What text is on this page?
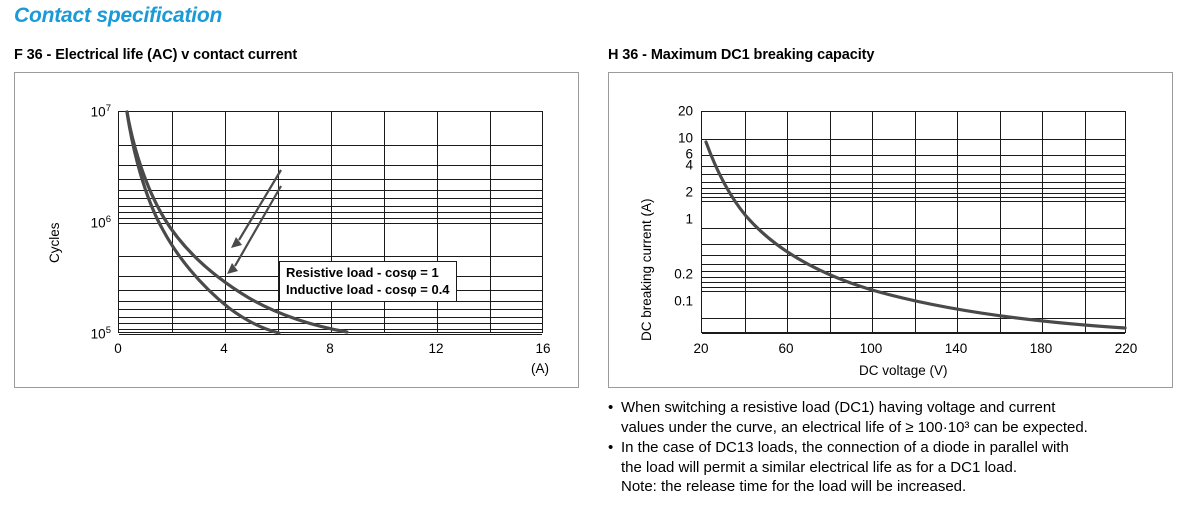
Contact specification
F 36 - Electrical life (AC) v contact current	H 36 - Maximum DC1 breaking capacity
Cycles
$10^7$
$10^6$
$10^5$
0	4	8	12	16
(A)
Resistive load - cosφ = 1
Inductive load - cosφ = 0.4	DC breaking current (A)
20
10
6
4
2
1
0.2
0.1
20	60	100	140	180	220
DC voltage (V)
• When switching a resistive load (DC1) having voltage and current
values under the curve, an electrical life of ≥ 100·10³ can be expected.
• In the case of DC13 loads, the connection of a diode in parallel with
the load will permit a similar electrical life as for a DC1 load.
Note: the release time for the load will be increased.
